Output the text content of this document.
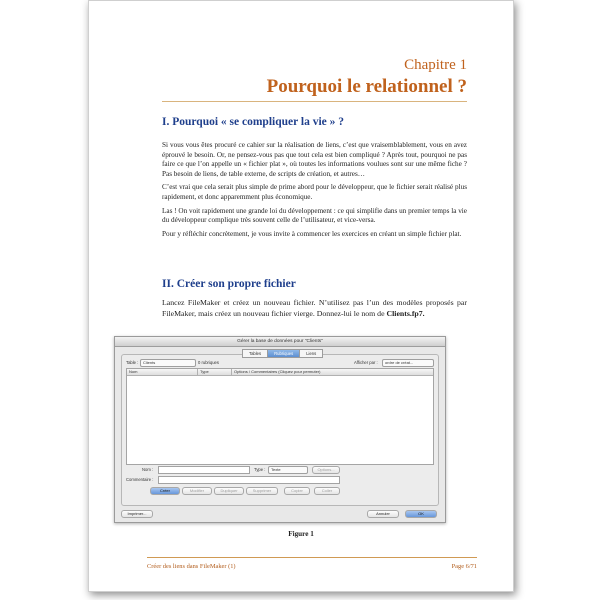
Chapitre 1
Pourquoi le relationnel ?
I. Pourquoi « se compliquer la vie » ?

Si vous vous êtes procuré ce cahier sur la réalisation de liens, c’est que vraisemblablement, vous en avez éprouvé le besoin. Or, ne pensez-vous pas que tout cela est bien compliqué ? Après tout, pourquoi ne pas faire ce que l’on appelle un « fichier plat », où toutes les informations voulues sont sur une même fiche ? Pas besoin de liens, de table externe, de scripts de création, et autres…

C’est vrai que cela serait plus simple de prime abord pour le développeur, que le fichier serait réalisé plus rapidement, et donc apparemment plus économique.

Las ! On voit rapidement une grande loi du développement : ce qui simplifie dans un premier temps la vie du développeur complique très souvent celle de l’utilisateur, et vice-versa.

Pour y réfléchir concrètement, je vous invite à commencer les exercices en créant un simple fichier plat.

II. Créer son propre fichier
Lancez FileMaker et créez un nouveau fichier. N’utilisez pas l’un des modèles proposés par FileMaker, mais créez un nouveau fichier vierge. Donnez-lui le nom de Clients.fp7.
Gérer la base de données pour "Clients"
Table :	Clients	0 rubriques	Afficher par :	ordre de créat...
Nom	Type	Options / Commentaires (Cliquez pour permuter)
Nom :	Type :	Texte	Options...
Commentaire :
Créer	Modifier	Dupliquer	Supprimer	Copier	Coller
Tables	Rubriques	Liens
Imprimer...	Annuler	OK
Figure 1
Créer des liens dans FileMaker (1)	Page 6/71
